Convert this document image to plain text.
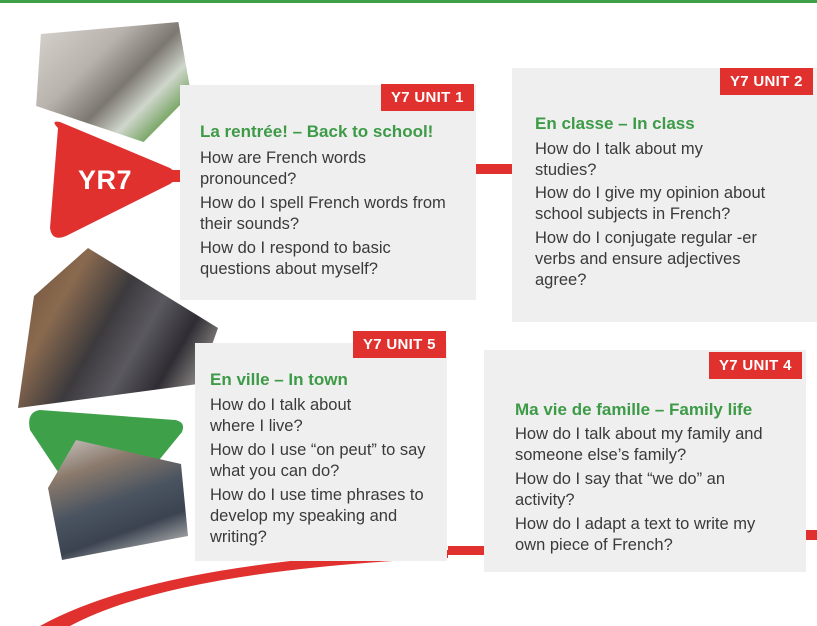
YR7
Y7 UNIT 1
La rentrée! – Back to school!
How are French words pronounced?
How do I spell French words from their sounds?
How do I respond to basic questions about myself?
Y7 UNIT 2
En classe – In class
How do I talk about my studies?
How do I give my opinion about school subjects in French?
How do I conjugate regular -er verbs and ensure adjectives agree?
Y7 UNIT 5
En ville – In town
How do I talk about where I live?
How do I use “on peut” to say what you can do?
How do I use time phrases to develop my speaking and writing?
Y7 UNIT 4
Ma vie de famille – Family life
How do I talk about my family and someone else’s family?
How do I say that “we do” an activity?
How do I adapt a text to write my own piece of French?
